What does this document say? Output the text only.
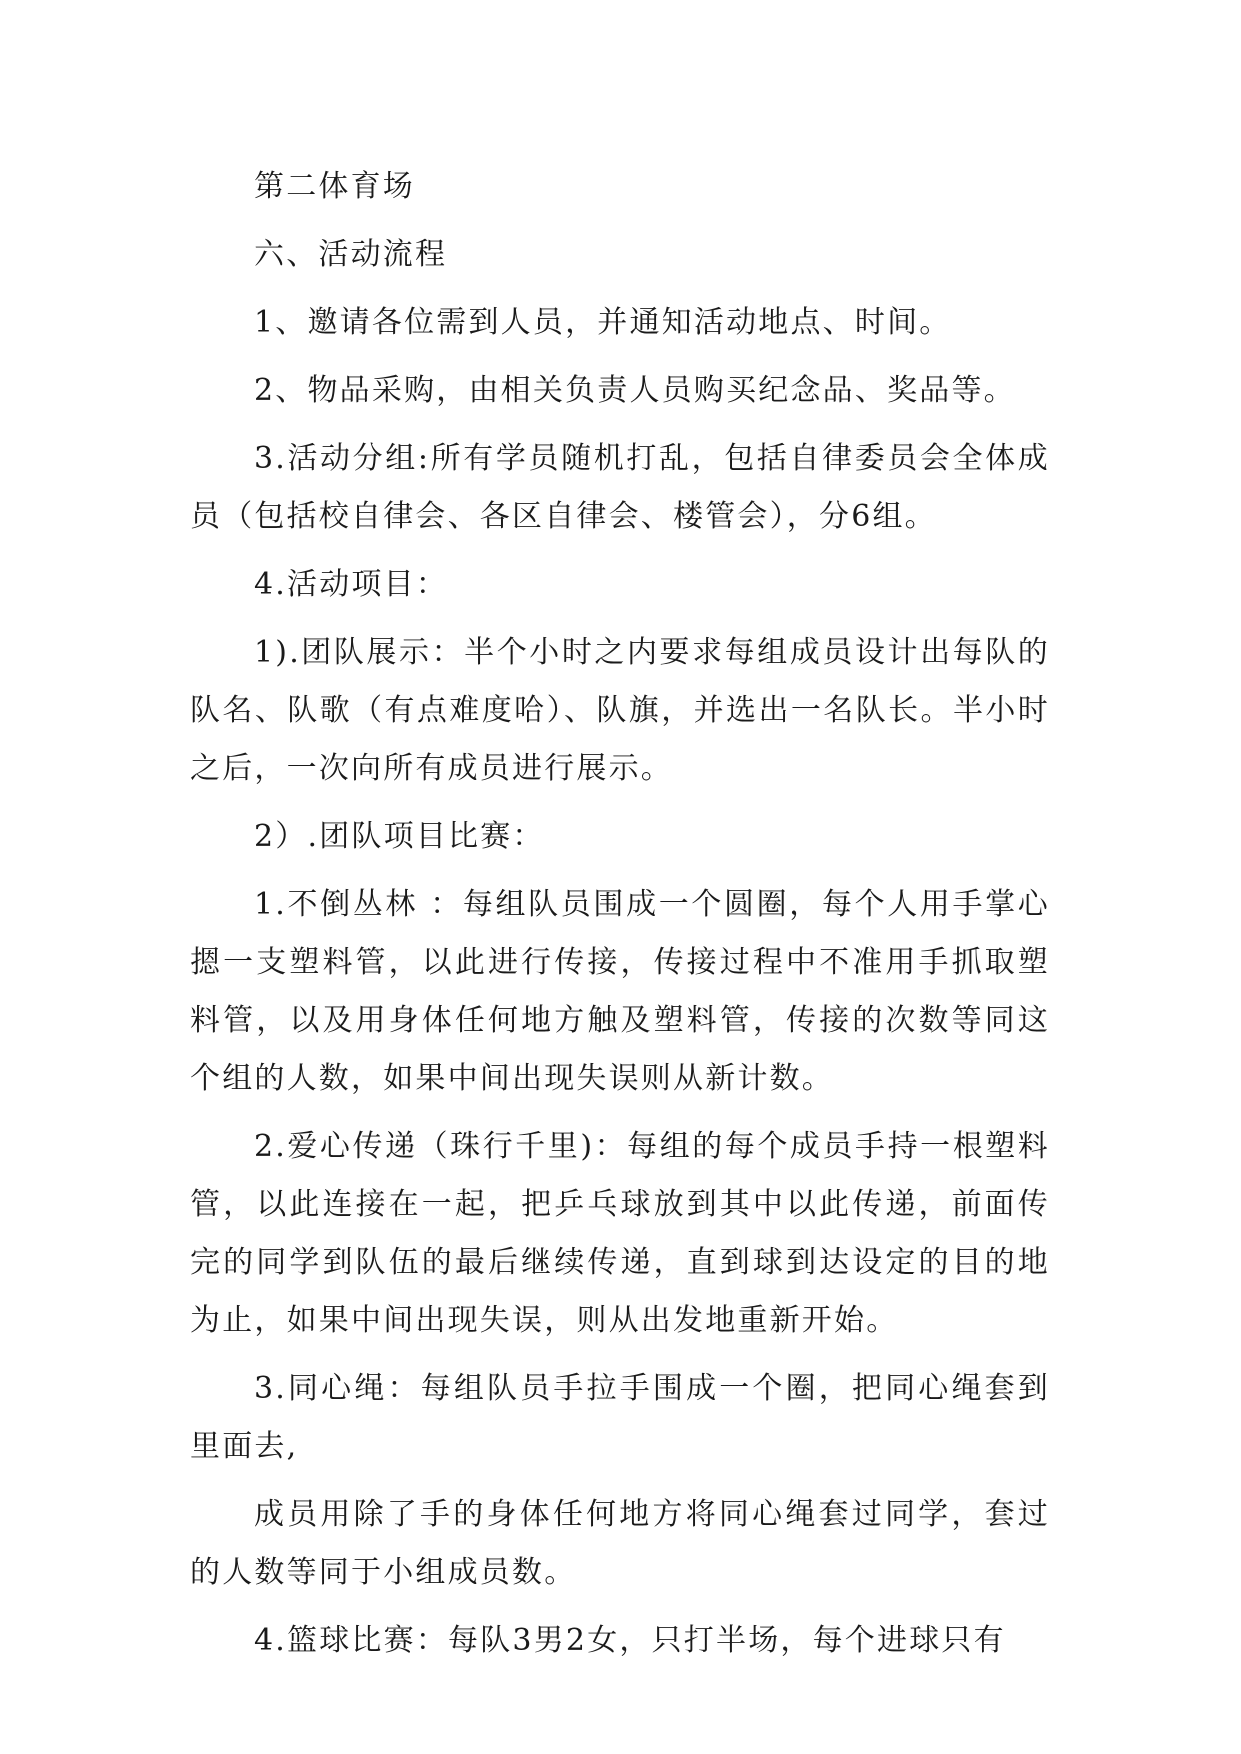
第二体育场

六、活动流程

1、邀请各位需到人员，并通知活动地点、时间。

2、物品采购，由相关负责人员购买纪念品、奖品等。

3.活动分组:所有学员随机打乱，包括自律委员会全体成员（包括校自律会、各区自律会、楼管会），分6组。

4.活动项目：

1).团队展示：半个小时之内要求每组成员设计出每队的队名、队歌（有点难度哈）、队旗，并选出一名队长。半小时之后，一次向所有成员进行展示。

2）.团队项目比赛：

1.不倒丛林 ：每组队员围成一个圆圈，每个人用手掌心摁一支塑料管，以此进行传接，传接过程中不准用手抓取塑料管，以及用身体任何地方触及塑料管，传接的次数等同这个组的人数，如果中间出现失误则从新计数。

2.爱心传递（珠行千里)：每组的每个成员手持一根塑料管，以此连接在一起，把乒乓球放到其中以此传递，前面传完的同学到队伍的最后继续传递，直到球到达设定的目的地为止，如果中间出现失误，则从出发地重新开始。

3.同心绳：每组队员手拉手围成一个圈，把同心绳套到里面去,

成员用除了手的身体任何地方将同心绳套过同学，套过的人数等同于小组成员数。

4.篮球比赛：每队3男2女，只打半场，每个进球只有
